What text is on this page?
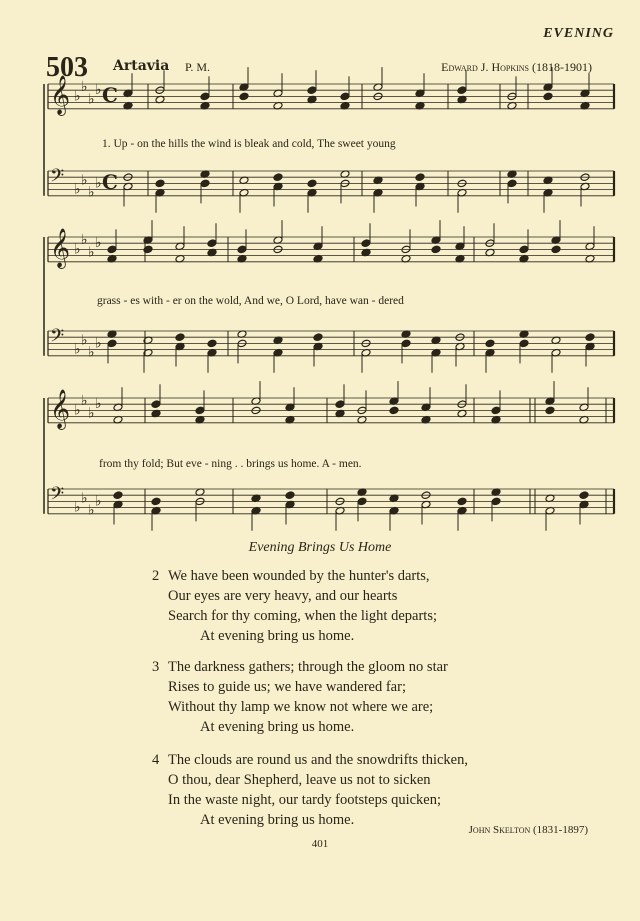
EVENING
503 Artavia P. M.	Edward J. Hopkins (1818-1901)
𝄞 ♭
♭
♭
♭
𝄢 ♭
♭
♭
♭
𝄞 ♭
♭
♭
♭
𝄢 ♭
♭
♭
♭
𝄞 ♭
♭
♭
♭
𝄢 ♭
♭
♭
♭
C
C
1. Up - on the hills the wind is bleak and cold, The sweet young
grass - es with - er on the wold, And we, O Lord, have wan - dered
from thy fold; But eve - ning . . brings us home. A - men.
Evening Brings Us Home
2 We have been wounded by the hunter's darts,
Our eyes are very heavy, and our hearts
Search for thy coming, when the light departs;
At evening bring us home.
3 The darkness gathers; through the gloom no star
Rises to guide us; we have wandered far;
Without thy lamp we know not where we are;
At evening bring us home.
4 The clouds are round us and the snowdrifts thicken,
O thou, dear Shepherd, leave us not to sicken
In the waste night, our tardy footsteps quicken;
At evening bring us home.
John Skelton (1831-1897)
401
